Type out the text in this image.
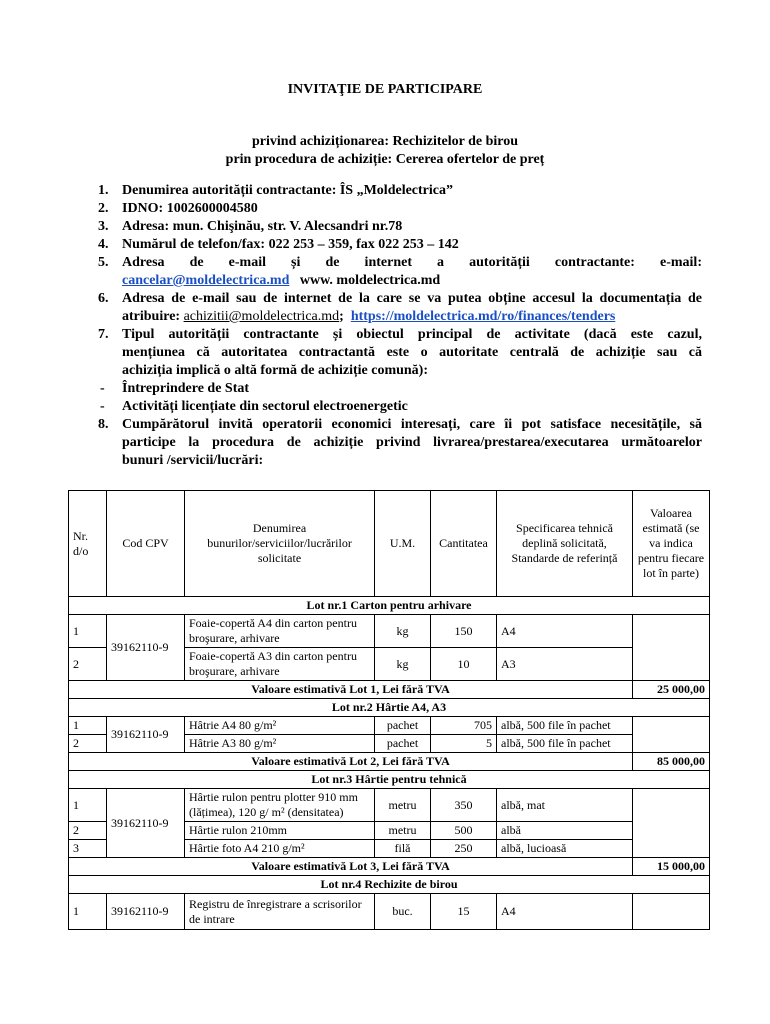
INVITAŢIE DE PARTICIPARE
privind achiziționarea: Rechizitelor de birou
prin procedura de achiziție: Cererea ofertelor de preț
1. Denumirea autorității contractante: ÎS „Moldelectrica”
2. IDNO: 1002600004580
3. Adresa: mun. Chişinău, str. V. Alecsandri nr.78
4. Numărul de telefon/fax: 022 253 – 359, fax 022 253 – 142
5. Adresa de e-mail și de internet a autorității contractante: e-mail:
cancelar@moldelectrica.md www. moldelectrica.md
6. Adresa de e-mail sau de internet de la care se va putea obține accesul la documentația de
atribuire: achizitii@moldelectrica.md;  https://moldelectrica.md/ro/finances/tenders
7. Tipul autorității contractante și obiectul principal de activitate (dacă este cazul,
mențiunea că autoritatea contractantă este o autoritate centrală de achiziție sau că
achiziția implică o altă formă de achiziție comună):
- Întreprindere de Stat
- Activități licențiate din sectorul electroenergetic
8. Cumpărătorul invită operatorii economici interesați, care îi pot satisface necesitățile, să
participe la procedura de achiziție privind livrarea/prestarea/executarea următoarelor
bunuri /servicii/lucrări:
Nr. d/o	Cod CPV	Denumirea bunurilor/serviciilor/lucrărilor solicitate	U.M.	Cantitatea	Specificarea tehnică deplină solicitată, Standarde de referință	Valoarea estimată (se va indica pentru fiecare lot în parte)
Lot nr.1 Carton pentru arhivare						
1	39162110-9	Foaie-copertă A4 din carton pentru broşurare, arhivare	kg	150	A4	
2		Foaie-copertă A3 din carton pentru broşurare, arhivare	kg	10	A3	
Valoare estimativă Lot 1, Lei fără TVA						25 000,00
Lot nr.2 Hârtie A4, A3						
1	39162110-9	Hâtrie A4 80 g/m²	pachet	705	albă, 500 file în pachet	
2		Hâtrie A3 80 g/m²	pachet	5	albă, 500 file în pachet	
Valoare estimativă Lot 2, Lei fără TVA						85 000,00
Lot nr.3 Hârtie pentru tehnică						
1	39162110-9	Hârtie rulon pentru plotter 910 mm (lățimea), 120 g/ m² (densitatea)	metru	350	albă, mat	
2		Hârtie rulon 210mm	metru	500	albă	
3		Hârtie foto A4 210 g/m²	filă	250	albă, lucioasă	
Valoare estimativă Lot 3, Lei fără TVA						15 000,00
Lot nr.4 Rechizite de birou						
1	39162110-9	Registru de înregistrare a scrisorilor de intrare	buc.	15	A4	
